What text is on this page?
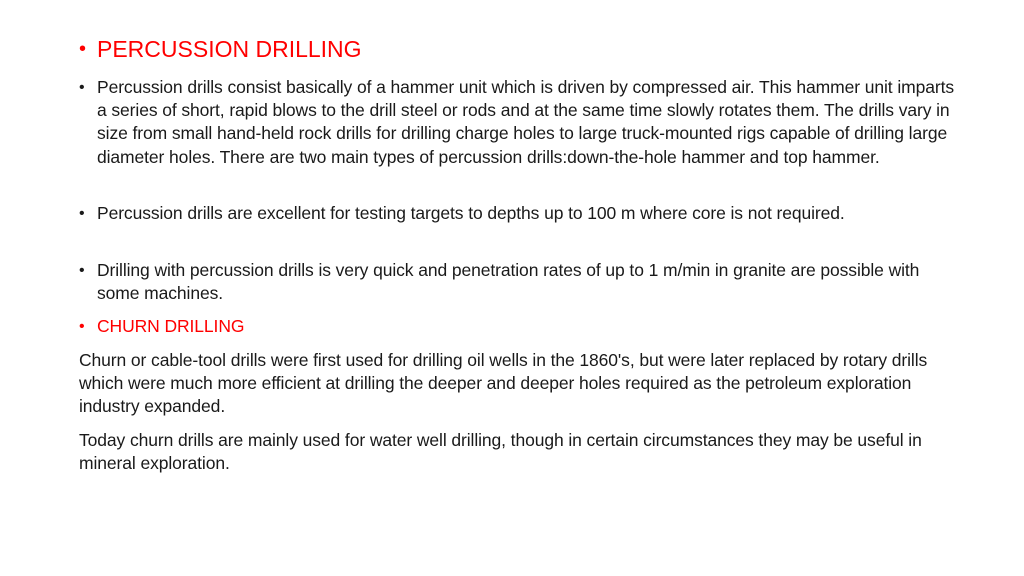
• PERCUSSION DRILLING
• Percussion drills consist basically of a hammer unit which is driven by compressed air. This hammer unit imparts a series of short, rapid blows to the drill steel or rods and at the same time slowly rotates them. The drills vary in size from small hand-held rock drills for drilling charge holes to large truck-mounted rigs capable of drilling large diameter holes. There are two main types of percussion drills:down-the-hole hammer and top hammer.
• Percussion drills are excellent for testing targets to depths up to 100 m where core is not required.
• Drilling with percussion drills is very quick and penetration rates of up to 1 m/min in granite are possible with some machines.
• CHURN DRILLING
Churn or cable-tool drills were first used for drilling oil wells in the 1860's, but were later replaced by rotary drills which were much more efficient at drilling the deeper and deeper holes required as the petroleum exploration industry expanded.
Today churn drills are mainly used for water well drilling, though in certain circumstances they may be useful in mineral exploration.
